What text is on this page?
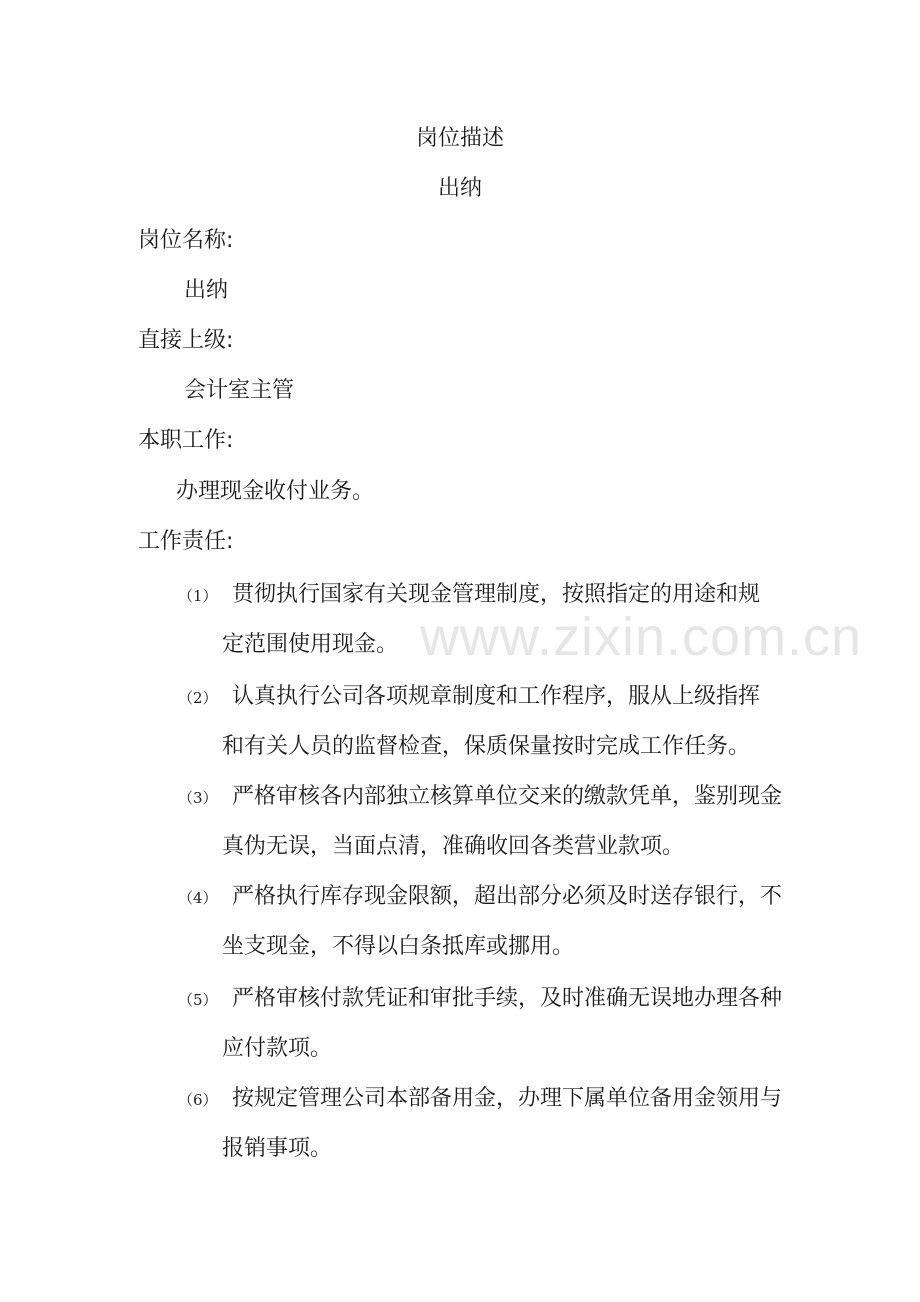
岗位描述
出纳
岗位名称:
出纳
直接上级:
会计室主管
本职工作:
办理现金收付业务。
工作责任:
（1） 贯彻执行国家有关现金管理制度，按照指定的用途和规
定范围使用现金。
（2） 认真执行公司各项规章制度和工作程序，服从上级指挥
和有关人员的监督检查，保质保量按时完成工作任务。
（3） 严格审核各内部独立核算单位交来的缴款凭单，鉴别现金
真伪无误，当面点清，准确收回各类营业款项。
（4） 严格执行库存现金限额，超出部分必须及时送存银行，不
坐支现金，不得以白条抵库或挪用。
（5） 严格审核付款凭证和审批手续，及时准确无误地办理各种
应付款项。
（6） 按规定管理公司本部备用金，办理下属单位备用金领用与
报销事项。
www.zixin.com.cn
